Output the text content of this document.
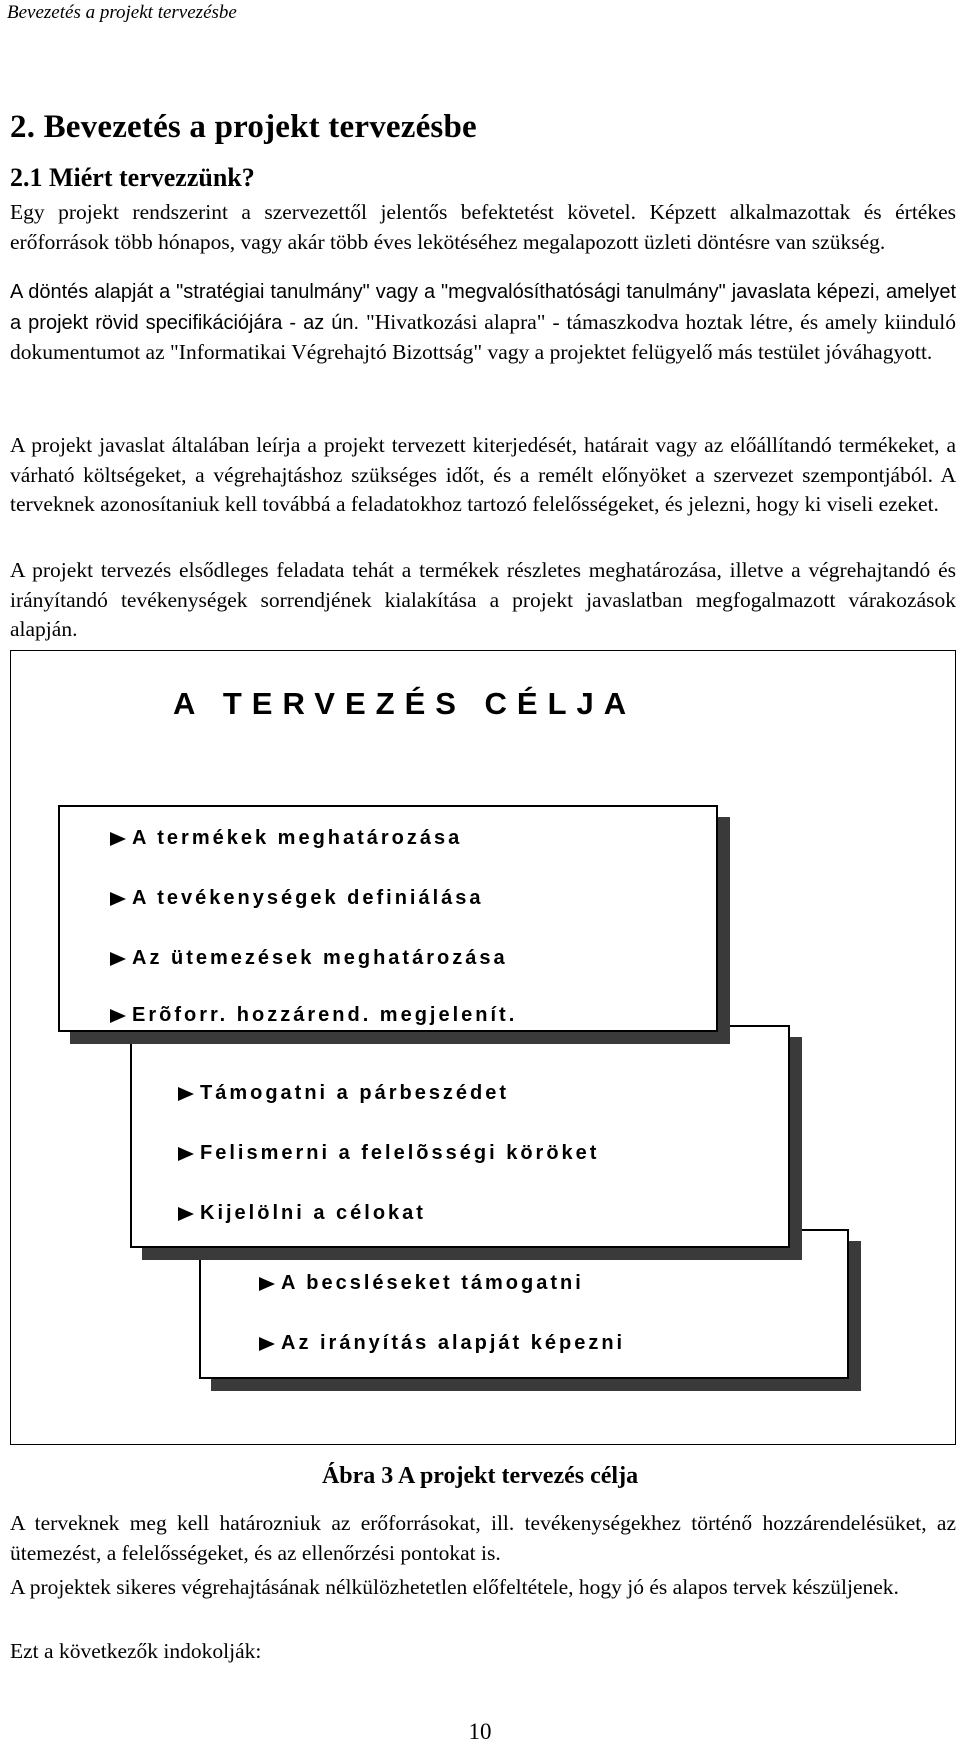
Bevezetés a projekt tervezésbe
2. Bevezetés a projekt tervezésbe
2.1 Miért tervezzünk?

Egy projekt rendszerint a szervezettől jelentős befektetést követel. Képzett alkalmazottak és értékes erőforrások több hónapos, vagy akár több éves lekötéséhez megalapozott üzleti döntésre van szükség.

A döntés alapját a "stratégiai tanulmány" vagy a "megvalósíthatósági tanulmány" javaslata képezi, amelyet a projekt rövid specifikációjára - az ún. "Hivatkozási alapra" - támaszkodva hoztak létre, és amely kiinduló dokumentumot az "Informatikai Végrehajtó Bizottság" vagy a projektet felügyelő más testület jóváhagyott.

A projekt javaslat általában leírja a projekt tervezett kiterjedését, határait vagy az előállítandó termékeket, a várható költségeket, a végrehajtáshoz szükséges időt, és a remélt előnyöket a szervezet szempontjából. A terveknek azonosítaniuk kell továbbá a feladatokhoz tartozó felelősségeket, és jelezni, hogy ki viseli ezeket.

A projekt tervezés elsődleges feladata tehát a termékek részletes meghatározása, illetve a végrehajtandó és irányítandó tevékenységek sorrendjének kialakítása a projekt javaslatban megfogalmazott várakozások alapján.

A TERVEZÉS CÉLJA
A becsléseket támogatni
Az irányítás alapját képezni
Támogatni a párbeszédet
Felismerni a felelõsségi köröket
Kijelölni a célokat
A termékek meghatározása
A tevékenységek definiálása
Az ütemezések meghatározása
Erõforr. hozzárend. megjelenít.
Ábra 3 A projekt tervezés célja

A terveknek meg kell határozniuk az erőforrásokat, ill. tevékenységekhez történő hozzárendelésüket, az ütemezést, a felelősségeket, és az ellenőrzési pontokat is.

A projektek sikeres végrehajtásának nélkülözhetetlen előfeltétele, hogy jó és alapos tervek készüljenek.

Ezt a következők indokolják:

10
